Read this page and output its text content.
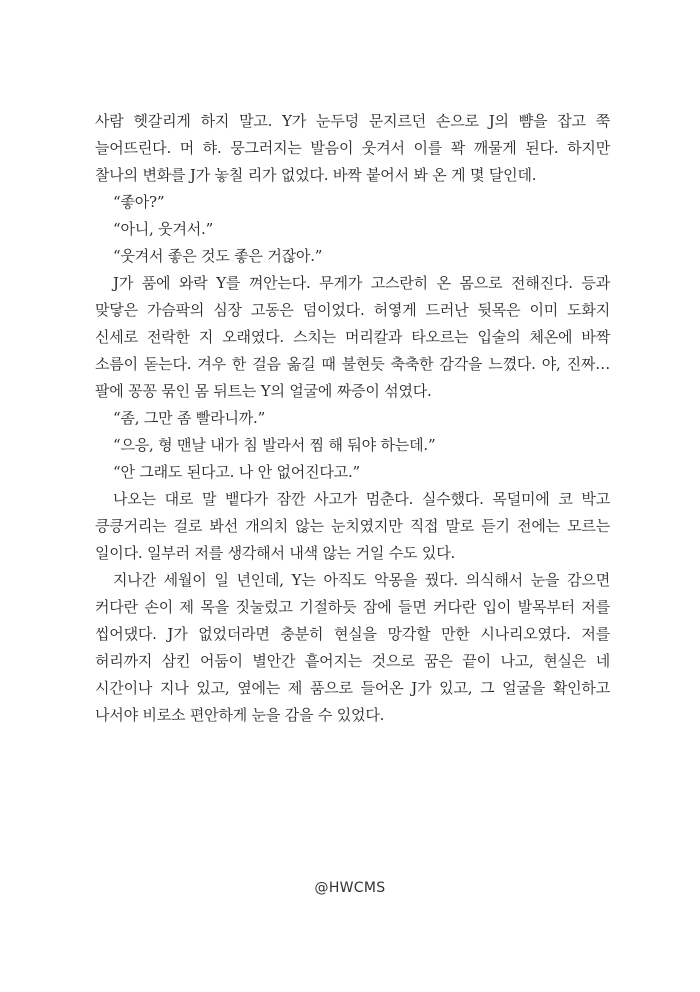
사람 헷갈리게 하지 말고. Y가 눈두덩 문지르던 손으로 J의 뺨을 잡고 쭉 늘어뜨린다. 머 햐. 뭉그러지는 발음이 웃겨서 이를 꽉 깨물게 된다. 하지만 찰나의 변화를 J가 놓칠 리가 없었다. 바짝 붙어서 봐 온 게 몇 달인데.

“좋아?”

“아니, 웃겨서.”

“웃겨서 좋은 것도 좋은 거잖아.”

J가 품에 와락 Y를 껴안는다. 무게가 고스란히 온 몸으로 전해진다. 등과 맞닿은 가슴팍의 심장 고동은 덤이었다. 허옇게 드러난 뒷목은 이미 도화지 신세로 전락한 지 오래였다. 스치는 머리칼과 타오르는 입술의 체온에 바짝 소름이 돋는다. 겨우 한 걸음 옮길 때 불현듯 축축한 감각을 느꼈다. 야, 진짜… 팔에 꽁꽁 묶인 몸 뒤트는 Y의 얼굴에 짜증이 섞였다.

“좀, 그만 좀 빨라니까.”

“으응, 형 맨날 내가 침 발라서 찜 해 둬야 하는데.”

“안 그래도 된다고. 나 안 없어진다고.”

나오는 대로 말 뱉다가 잠깐 사고가 멈춘다. 실수했다. 목덜미에 코 박고 킁킁거리는 걸로 봐선 개의치 않는 눈치였지만 직접 말로 듣기 전에는 모르는 일이다. 일부러 저를 생각해서 내색 않는 거일 수도 있다.

지나간 세월이 일 년인데, Y는 아직도 악몽을 꿨다. 의식해서 눈을 감으면 커다란 손이 제 목을 짓눌렀고 기절하듯 잠에 들면 커다란 입이 발목부터 저를 씹어댔다. J가 없었더라면 충분히 현실을 망각할 만한 시나리오였다. 저를 허리까지 삼킨 어둠이 별안간 흩어지는 것으로 꿈은 끝이 나고, 현실은 네 시간이나 지나 있고, 옆에는 제 품으로 들어온 J가 있고, 그 얼굴을 확인하고 나서야 비로소 편안하게 눈을 감을 수 있었다.

@HWCMS
